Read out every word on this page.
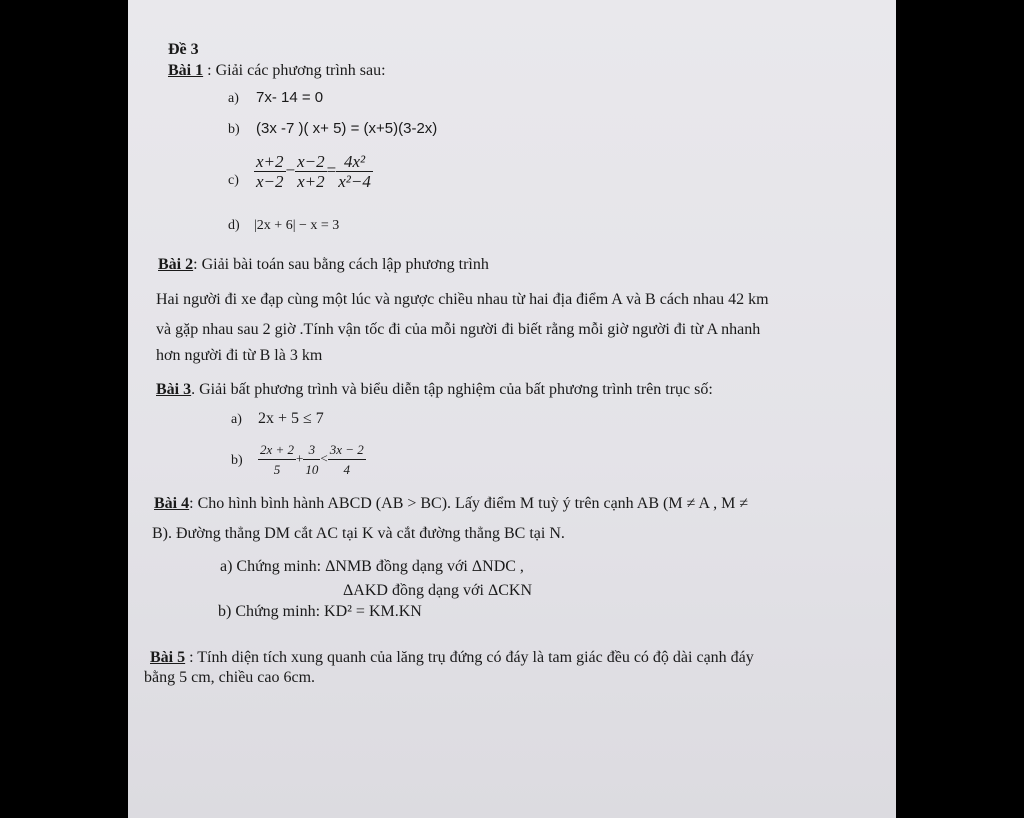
Đề 3
Bài 1 : Giải các phương trình sau:
a) 7x- 14 = 0
b) (3x -7 )( x+ 5) = (x+5)(3-2x)
$c) \frac{x+2}{x-2} - \frac{x-2}{x+2} = \frac{\text{4x²}}{\text{x²−4}}$
d) |2x + 6| − x = 3
Bài 2: Giải bài toán sau bằng cách lập phương trình
Hai người đi xe đạp cùng một lúc và ngược chiều nhau từ hai địa điểm A và B cách nhau 42 km
và gặp nhau sau 2 giờ .Tính vận tốc đi của mỗi người đi biết rằng mỗi giờ người đi từ A nhanh
hơn người đi từ B là 3 km
Bài 3. Giải bất phương trình và biểu diễn tập nghiệm của bất phương trình trên trục số:
a) 2x + 5 ≤ 7
$b) \frac{2x + 2}{5} + \frac{3}{10} < \frac{3x - 2}{4}$
Bài 4: Cho hình bình hành ABCD (AB > BC). Lấy điểm M tuỳ ý trên cạnh AB (M ≠ A , M ≠
B). Đường thẳng DM cắt AC tại K và cắt đường thẳng BC tại N.
a) Chứng minh: ΔNMB đồng dạng với ΔNDC ,
ΔAKD đồng dạng với ΔCKN
b) Chứng minh: KD² = KM.KN
Bài 5 : Tính diện tích xung quanh của lăng trụ đứng có đáy là tam giác đều có độ dài cạnh đáy
bằng 5 cm, chiều cao 6cm.
